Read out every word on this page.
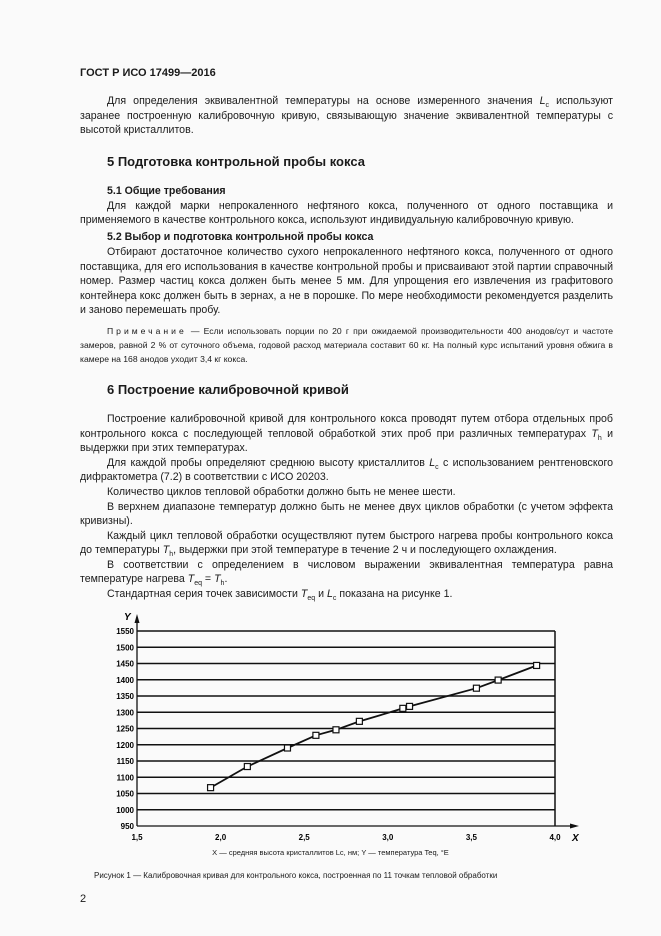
ГОСТ Р ИСО 17499—2016

Для определения эквивалентной температуры на основе измеренного значения $L_c$ используют заранее построенную калибровочную кривую, связывающую значение эквивалентной температуры с высотой кристаллитов.

5 Подготовка контрольной пробы кокса
5.1 Общие требования

Для каждой марки непрокаленного нефтяного кокса, полученного от одного поставщика и применяемого в качестве контрольного кокса, используют индивидуальную калибровочную кривую.

5.2 Выбор и подготовка контрольной пробы кокса

Отбирают достаточное количество сухого непрокаленного нефтяного кокса, полученного от одного поставщика, для его использования в качестве контрольной пробы и присваивают этой партии справочный номер. Размер частиц кокса должен быть менее 5 мм. Для упрощения его извлечения из графитового контейнера кокс должен быть в зернах, а не в порошке. По мере необходимости рекомендуется разделить и заново перемешать пробу.

Примечание — Если использовать порции по 20 г при ожидаемой производительности 400 анодов/сут и частоте замеров, равной 2 % от суточного объема, годовой расход материала составит 60 кг. На полный курс испытаний уровня обжига в камере на 168 анодов уходит 3,4 кг кокса.

6 Построение калибровочной кривой

Построение калибровочной кривой для контрольного кокса проводят путем отбора отдельных проб контрольного кокса с последующей тепловой обработкой этих проб при различных температурах $T_h$ и выдержки при этих температурах.

Для каждой пробы определяют среднюю высоту кристаллитов $L_c$ с использованием рентгеновского дифрактометра (7.2) в соответствии с ИСО 20203.

Количество циклов тепловой обработки должно быть не менее шести.

В верхнем диапазоне температур должно быть не менее двух циклов обработки (с учетом эффекта кривизны).

Каждый цикл тепловой обработки осуществляют путем быстрого нагрева пробы контрольного кокса до температуры $T_h$, выдержки при этой температуре в течение 2 ч и последующего охлаждения.

В соответствии с определением в числовом выражении эквивалентная температура равна температуре нагрева $T_{eq} = T_h$.

Стандартная серия точек зависимости $T_{eq}$ и $L_c$ показана на рисунке 1.

1550
1500
1450
1400
1350
1300
1250
1200
1150
1100
1050
1000
950
1,5	2,0	2,5	3,0	3,5	4,0
Y
X
X — средняя высота кристаллитов Lc, нм; Y — температура Teq, °E
Рисунок 1 — Калибровочная кривая для контрольного кокса, построенная по 11 точкам тепловой обработки
2
